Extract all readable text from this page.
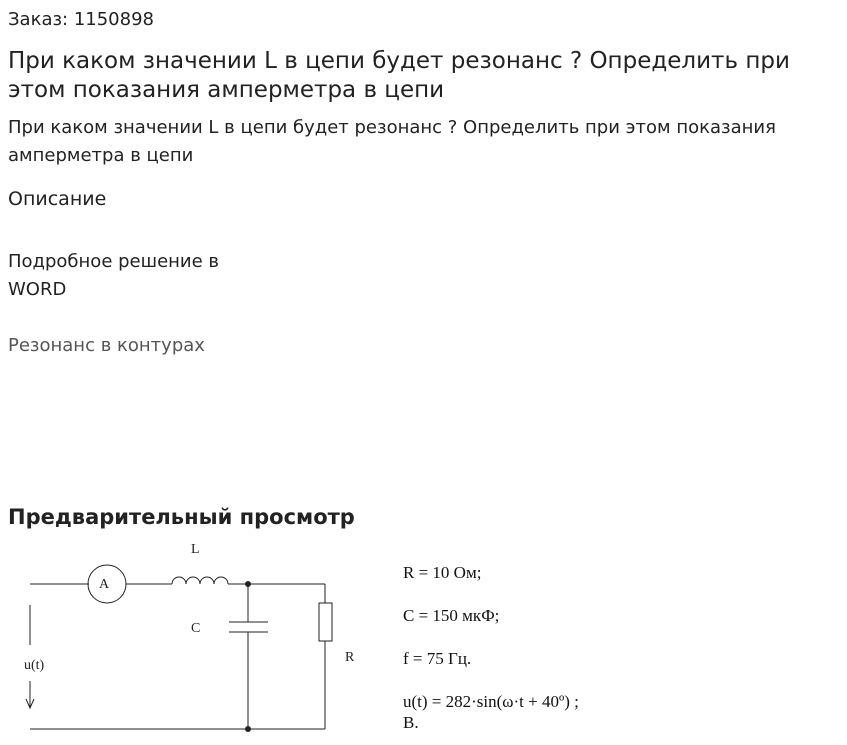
Заказ: 1150898
При каком значении L в цепи будет резонанс ? Определить при этом показания амперметра в цепи

При каком значении L в цепи будет резонанс ? Определить при этом показания амперметра в цепи

Описание
Подробное решение в WORD
Резонанс в контурах
Предварительный просмотр
A
L
C
R
u(t)
R = 10 Ом;
С = 150 мкФ;
f = 75 Гц.
u(t) = 282·sin(ω·t + 40º) ;
В.
